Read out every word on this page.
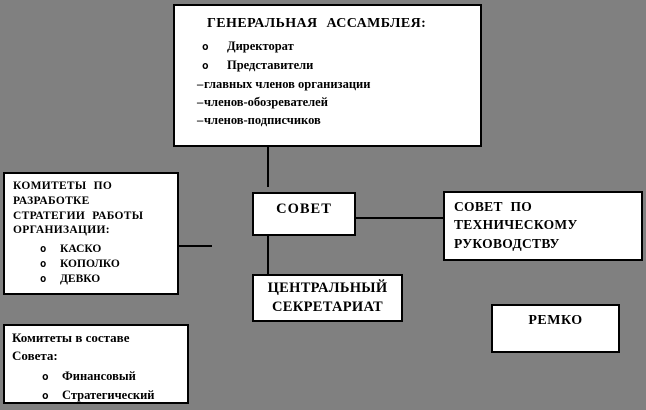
ГЕНЕРАЛЬНАЯ АССАМБЛЕЯ:
o Директорат
o Представители
–главных членов организации
–членов-обозревателей
–членов-подписчиков
КОМИТЕТЫ ПО
РАЗРАБОТКЕ
СТРАТЕГИИ РАБОТЫ
ОРГАНИЗАЦИИ:
o КАСКО
o КОПОЛКО
o ДЕВКО
СОВЕТ	СОВЕТ ПО
ТЕХНИЧЕСКОМУ
РУКОВОДСТВУ
ЦЕНТРАЛЬНЫЙ
СЕКРЕТАРИАТ
РЕМКО
Комитеты в составе
Совета:
o Финансовый
o Стратегический
